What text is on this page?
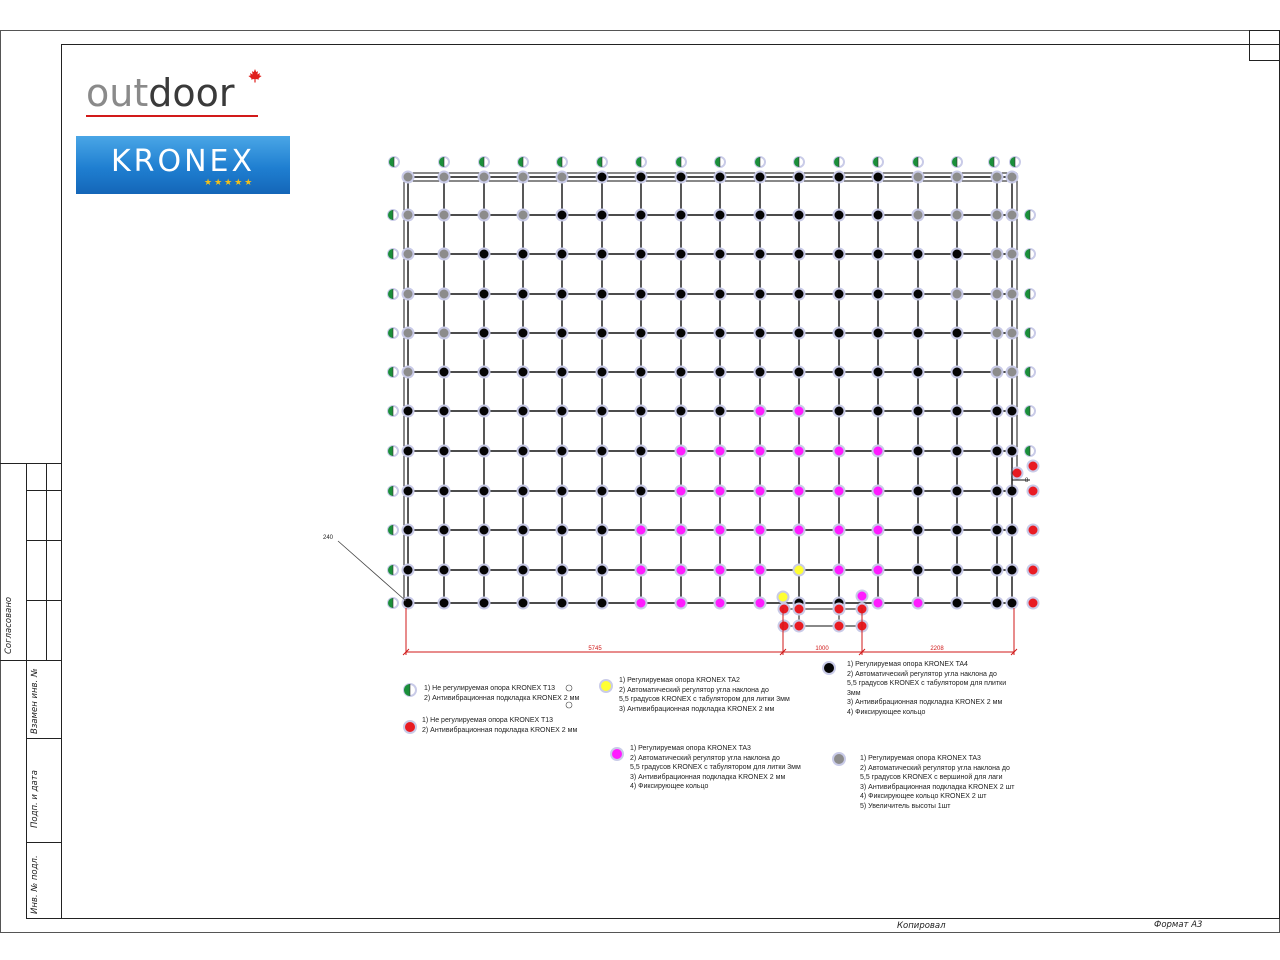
8
240
5745	1000	2208
outdoor
KRONEX
★★★★★
1) Не регулируемая опора KRONEX T13
2) Антивибрационная подкладка KRONEX 2 мм
1) Не регулируемая опора KRONEX T13
2) Антивибрационная подкладка KRONEX 2 мм
1) Регулируемая опора KRONEX TA2
2) Автоматический регулятор угла наклона до
5,5 градусов KRONEX с табулятором для литки 3мм
3) Антивибрационная подкладка KRONEX 2 мм
1) Регулируемая опора KRONEX TA4
2) Автоматический регулятор угла наклона до
5,5 градусов KRONEX с табулятором для плитки
3мм
3) Антивибрационная подкладка KRONEX 2 мм
4) Фиксирующее кольцо
1) Регулируемая опора KRONEX TA3
2) Автоматический регулятор угла наклона до
5,5 градусов KRONEX с табулятором для литки 3мм
3) Антивибрационная подкладка KRONEX 2 мм
4) Фиксирующее кольцо
1) Регулируемая опора KRONEX TA3
2) Автоматический регулятор угла наклона до
5,5 градусов KRONEX с вершиной для лаги
3) Антивибрационная подкладка KRONEX 2 шт
4) Фиксирующее кольцо KRONEX 2 шт
5) Увеличитель высоты 1шт
Согласовано
Взамен инв. №
Подп. и дата
Инв. № подл.
Копировал	Формат А3
